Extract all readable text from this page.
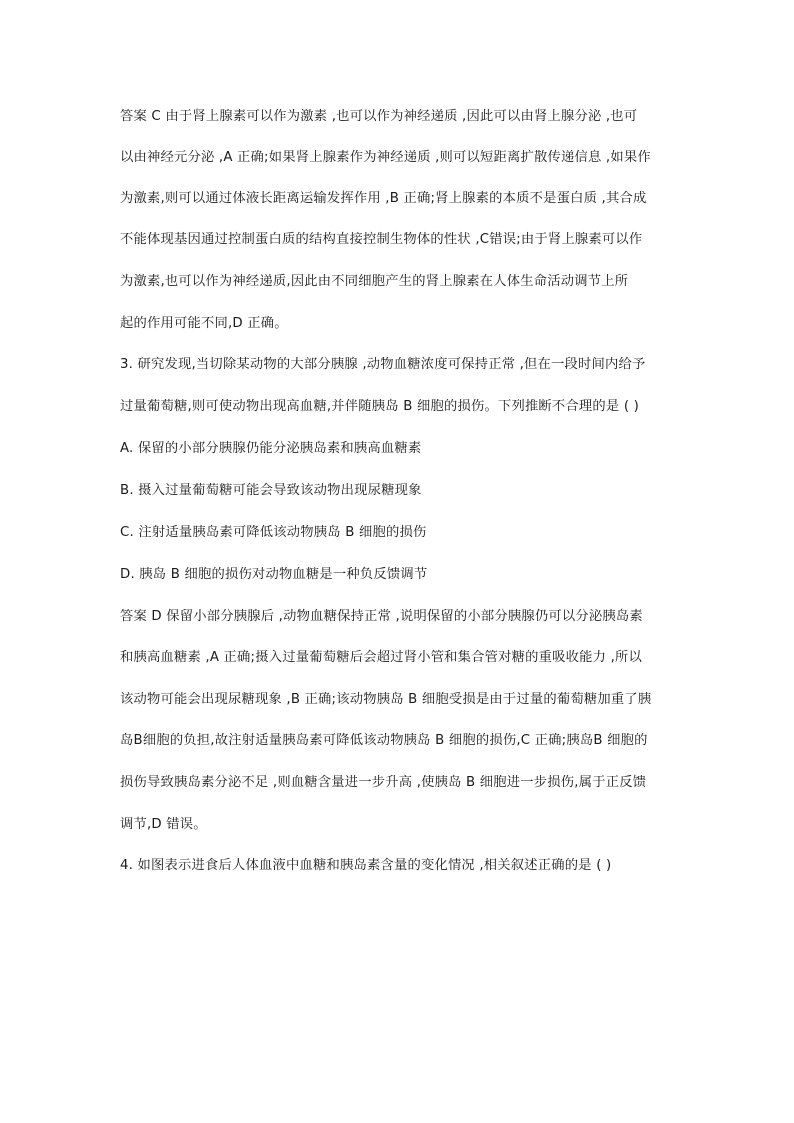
答案 C 由于肾上腺素可以作为激素 ,也可以作为神经递质 ,因此可以由肾上腺分泌 ,也可
以由神经元分泌 ,A 正确;如果肾上腺素作为神经递质 ,则可以短距离扩散传递信息 ,如果作
为激素,则可以通过体液长距离运输发挥作用 ,B 正确;肾上腺素的本质不是蛋白质 ,其合成
不能体现基因通过控制蛋白质的结构直接控制生物体的性状 ,C错误;由于肾上腺素可以作
为激素,也可以作为神经递质,因此由不同细胞产生的肾上腺素在人体生命活动调节上所
起的作用可能不同,D 正确。
3. 研究发现,当切除某动物的大部分胰腺 ,动物血糖浓度可保持正常 ,但在一段时间内给予
过量葡萄糖,则可使动物出现高血糖,并伴随胰岛 B 细胞的损伤。下列推断不合理的是 ( )
A. 保留的小部分胰腺仍能分泌胰岛素和胰高血糖素
B. 摄入过量葡萄糖可能会导致该动物出现尿糖现象
C. 注射适量胰岛素可降低该动物胰岛 B 细胞的损伤
D. 胰岛 B 细胞的损伤对动物血糖是一种负反馈调节
答案 D 保留小部分胰腺后 ,动物血糖保持正常 ,说明保留的小部分胰腺仍可以分泌胰岛素
和胰高血糖素 ,A 正确;摄入过量葡萄糖后会超过肾小管和集合管对糖的重吸收能力 ,所以
该动物可能会出现尿糖现象 ,B 正确;该动物胰岛 B 细胞受损是由于过量的葡萄糖加重了胰
岛B细胞的负担,故注射适量胰岛素可降低该动物胰岛 B 细胞的损伤,C 正确;胰岛B 细胞的
损伤导致胰岛素分泌不足 ,则血糖含量进一步升高 ,使胰岛 B 细胞进一步损伤,属于正反馈
调节,D 错误。
4. 如图表示进食后人体血液中血糖和胰岛素含量的变化情况 ,相关叙述正确的是 ( )
